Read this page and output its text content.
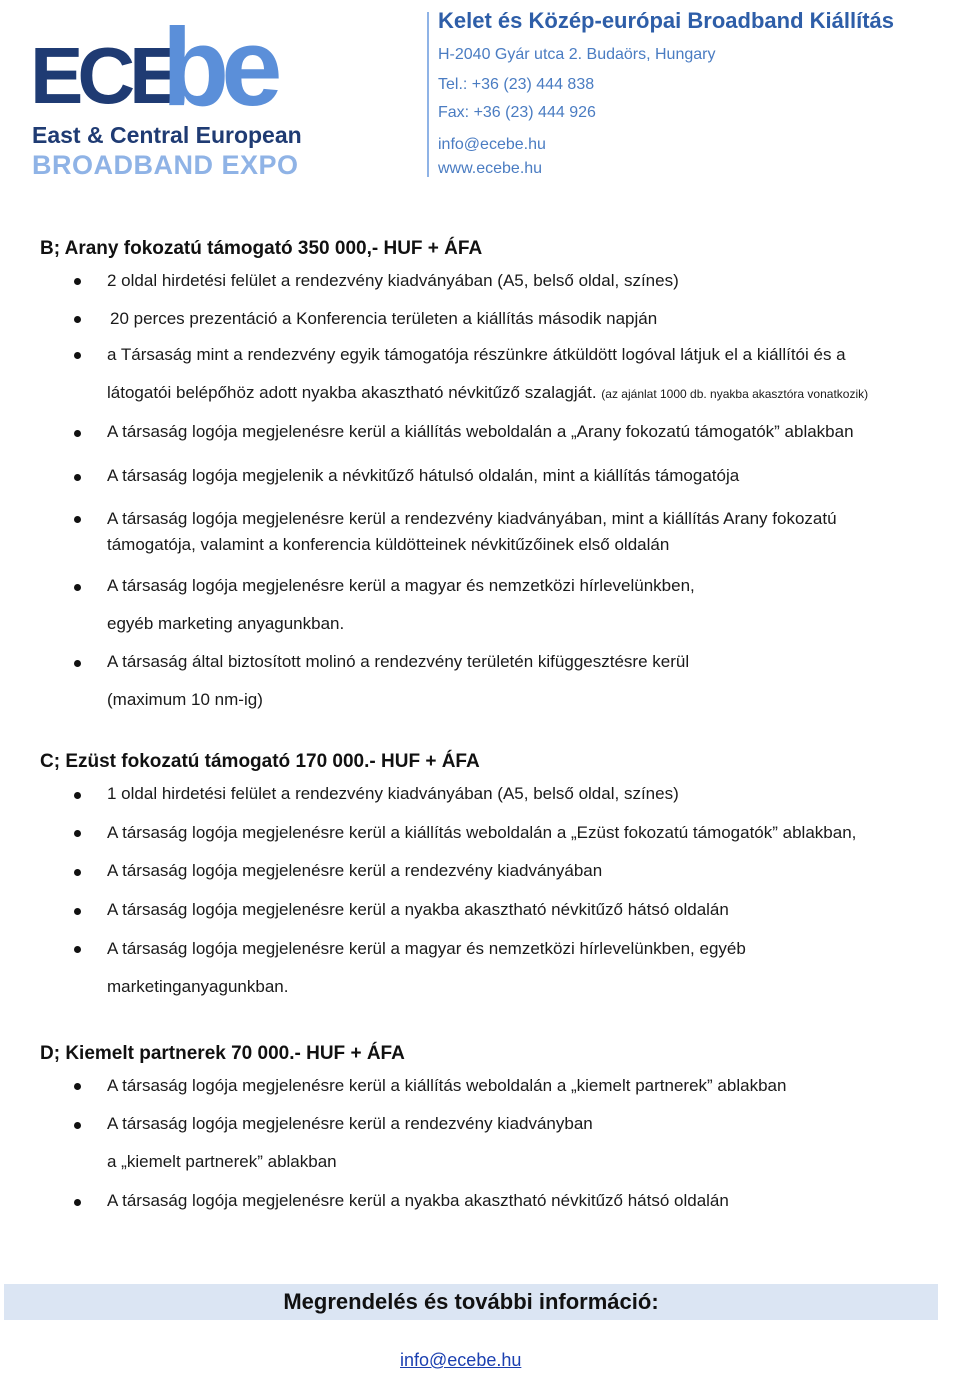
ECE
be
East & Central European
BROADBAND EXPO
Kelet és Közép-európai Broadband Kiállítás
H-2040 Gyár utca 2. Budaörs, Hungary
Tel.: +36 (23) 444 838
Fax: +36 (23) 444 926
info@ecebe.hu
www.ecebe.hu
B; Arany fokozatú támogató 350 000,- HUF + ÁFA
2 oldal hirdetési felület a rendezvény kiadványában (A5, belső oldal, színes)
20 perces prezentáció a Konferencia területen a kiállítás második napján
a Társaság mint a rendezvény egyik támogatója részünkre átküldött logóval látjuk el a kiállítói és a
látogatói belépőhöz adott nyakba akasztható névkitűző szalagját. (az ajánlat 1000 db. nyakba akasztóra vonatkozik)
A társaság logója megjelenésre kerül a kiállítás weboldalán a „Arany fokozatú támogatók” ablakban
A társaság logója megjelenik a névkitűző hátulsó oldalán, mint a kiállítás támogatója
A társaság logója megjelenésre kerül a rendezvény kiadványában, mint a kiállítás Arany fokozatú
támogatója, valamint a konferencia küldötteinek névkitűzőinek első oldalán
A társaság logója megjelenésre kerül a magyar és nemzetközi hírlevelünkben,
egyéb marketing anyagunkban.
A társaság által biztosított molinó a rendezvény területén kifüggesztésre kerül
(maximum 10 nm-ig)
C; Ezüst fokozatú támogató 170 000.- HUF + ÁFA
1 oldal hirdetési felület a rendezvény kiadványában (A5, belső oldal, színes)
A társaság logója megjelenésre kerül a kiállítás weboldalán a „Ezüst fokozatú támogatók” ablakban,
A társaság logója megjelenésre kerül a rendezvény kiadványában
A társaság logója megjelenésre kerül a nyakba akasztható névkitűző hátsó oldalán
A társaság logója megjelenésre kerül a magyar és nemzetközi hírlevelünkben, egyéb
marketinganyagunkban.
D; Kiemelt partnerek 70 000.- HUF + ÁFA
A társaság logója megjelenésre kerül a kiállítás weboldalán a „kiemelt partnerek” ablakban
A társaság logója megjelenésre kerül a rendezvény kiadványban
a „kiemelt partnerek” ablakban
A társaság logója megjelenésre kerül a nyakba akasztható névkitűző hátsó oldalán
Megrendelés és további információ:
info@ecebe.hu
